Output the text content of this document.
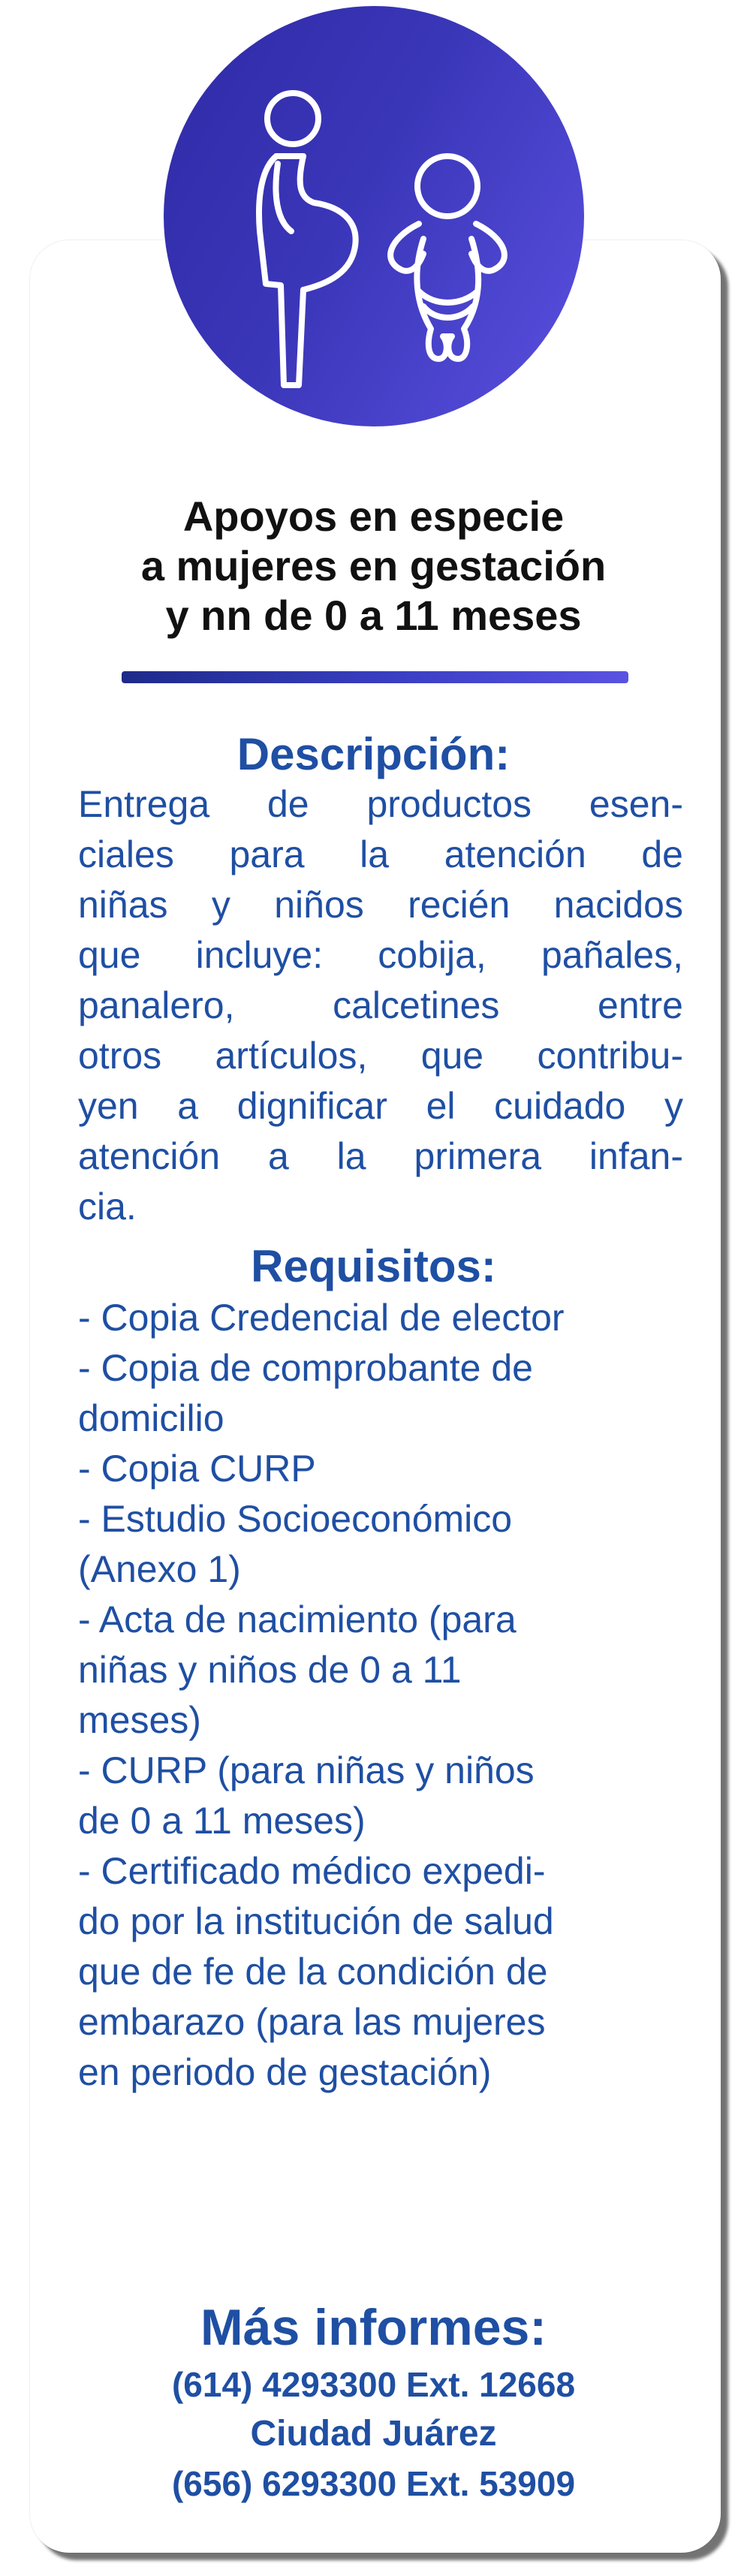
Apoyos en especie
a mujeres en gestación
y nn de 0 a 11 meses
Descripción:
Entrega de productos esen-
ciales para la atención de
niñas y niños recién nacidos
que incluye: cobija, pañales,
panalero, calcetines entre
otros artículos, que contribu-
yen a dignificar el cuidado y
atención a la primera infan-
cia.
Requisitos:
- Copia Credencial de elector
- Copia de comprobante de
domicilio
- Copia CURP
- Estudio Socioeconómico
(Anexo 1)
- Acta de nacimiento (para
niñas y niños de 0 a 11
meses)
- CURP (para niñas y niños
de 0 a 11 meses)
- Certificado médico expedi-
do por la institución de salud
que de fe de la condición de
embarazo (para las mujeres
en periodo de gestación)
Más informes:
(614) 4293300 Ext. 12668
Ciudad Juárez
(656) 6293300 Ext. 53909
